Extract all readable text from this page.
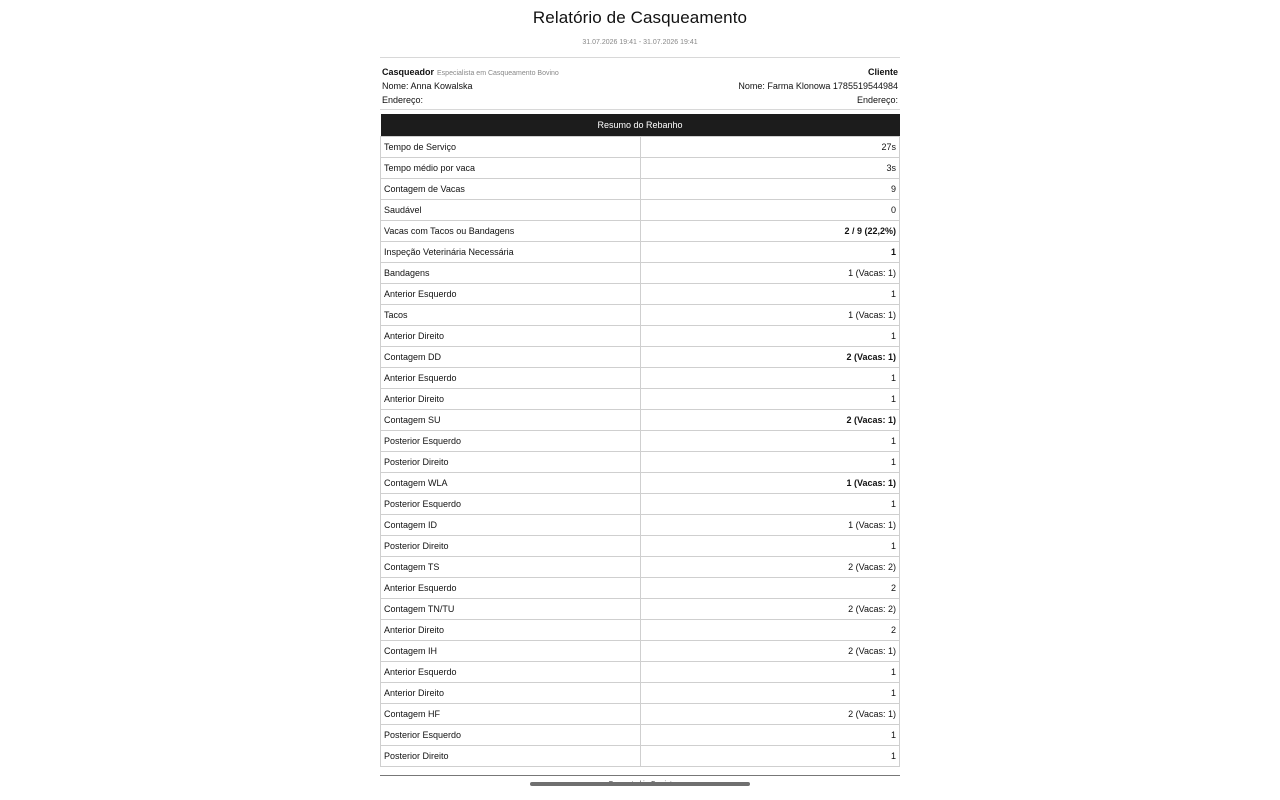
Relatório de Casqueamento
31.07.2026 19:41 - 31.07.2026 19:41
Casqueador Especialista em Casqueamento Bovino
Nome: Anna Kowalska
Endereço:
Cliente
Nome: Farma Klonowa 1785519544984
Endereço:
Resumo do Rebanho	
Tempo de Serviço	27s
Tempo médio por vaca	3s
Contagem de Vacas	9
Saudável	0
Vacas com Tacos ou Bandagens	2 / 9 (22,2%)
Inspeção Veterinária Necessária	1
Bandagens	1 (Vacas: 1)
Anterior Esquerdo	1
Tacos	1 (Vacas: 1)
Anterior Direito	1
Contagem DD	2 (Vacas: 1)
Anterior Esquerdo	1
Anterior Direito	1
Contagem SU	2 (Vacas: 1)
Posterior Esquerdo	1
Posterior Direito	1
Contagem WLA	1 (Vacas: 1)
Posterior Esquerdo	1
Contagem ID	1 (Vacas: 1)
Posterior Direito	1
Contagem TS	2 (Vacas: 2)
Anterior Esquerdo	2
Contagem TN/TU	2 (Vacas: 2)
Anterior Direito	2
Contagem IH	2 (Vacas: 1)
Anterior Esquerdo	1
Anterior Direito	1
Contagem HF	2 (Vacas: 1)
Posterior Esquerdo	1
Posterior Direito	1
